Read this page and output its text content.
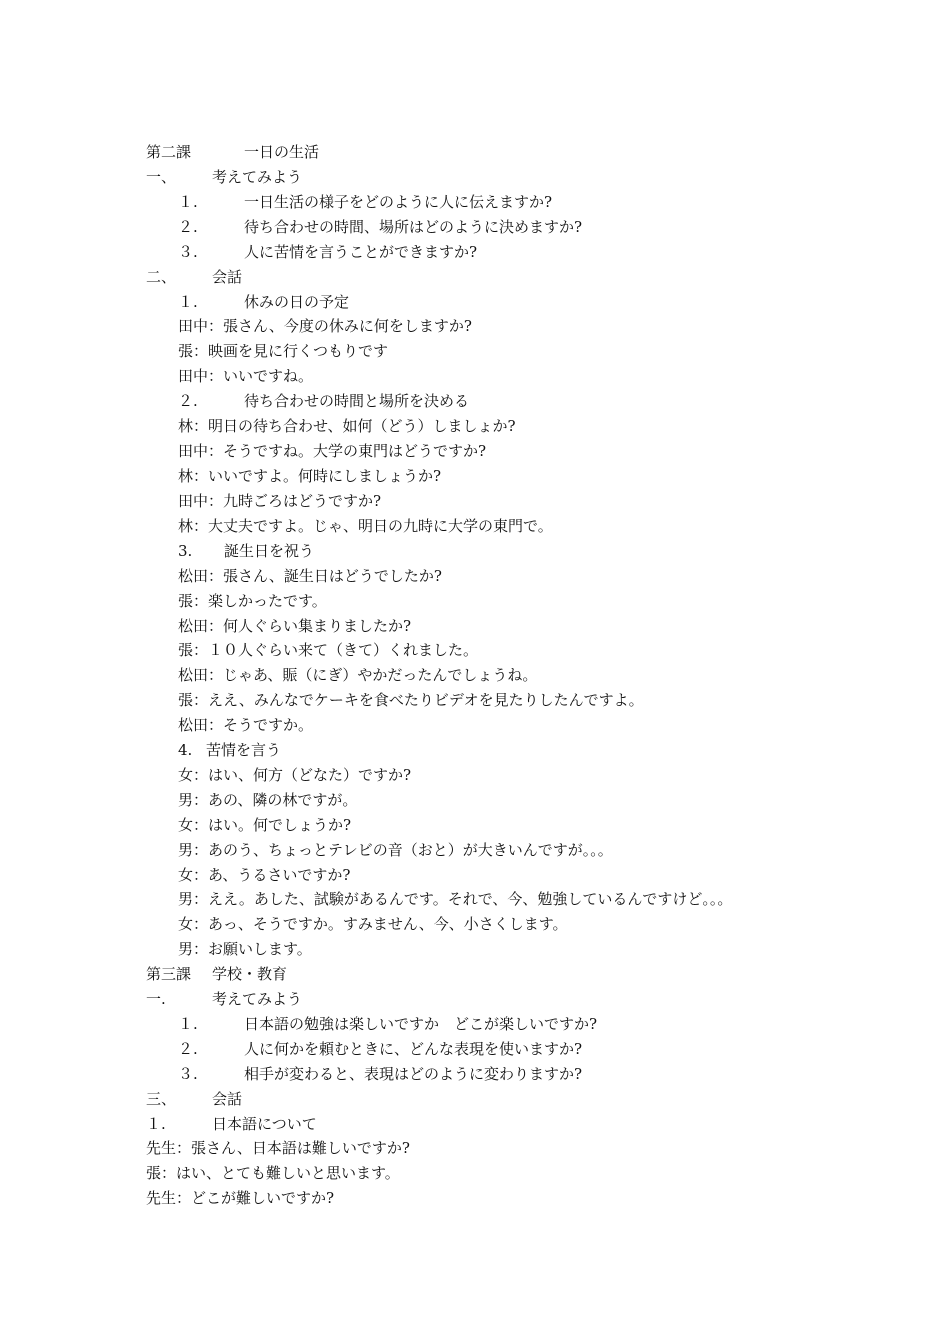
第二課	一日の生活
一、 考えてみよう
１.	一日生活の様子をどのように人に伝えますか?
２.	待ち合わせの時間、場所はどのように決めますか?
３.	人に苦情を言うことができますか?
二、 会話
１.	休みの日の予定
田中：張さん、今度の休みに何をしますか?
張：映画を見に行くつもりです
田中：いいですね。
２.	待ち合わせの時間と場所を決める
林：明日の待ち合わせ、如何（どう）しましょか?
田中：そうですね。大学の東門はどうですか?
林：いいですよ。何時にしましょうか?
田中：九時ごろはどうですか?
林：大丈夫ですよ。じゃ、明日の九時に大学の東門で。
3. 誕生日を祝う
松田：張さん、誕生日はどうでしたか?
張：楽しかったです。
松田：何人ぐらい集まりましたか?
張：１０人ぐらい来て（きて）くれました。
松田：じゃあ、賑（にぎ）やかだったんでしょうね。
張：ええ、みんなでケーキを食べたりビデオを見たりしたんですよ。
松田：そうですか。
4. 苦情を言う
女：はい、何方（どなた）ですか?
男：あの、隣の林ですが。
女：はい。何でしょうか?
男：あのう、ちょっとテレビの音（おと）が大きいんですが。。。
女：あ、うるさいですか?
男：ええ。あした、試験があるんです。それで、今、勉強しているんですけど。。。
女：あっ、そうですか。すみません、今、小さくします。
男：お願いします。
第三課 学校・教育
一.	考えてみよう
１.	日本語の勉強は楽しいですか　どこが楽しいですか?
２.	人に何かを頼むときに、どんな表現を使いますか?
３.	相手が変わると、表現はどのように変わりますか?
三、 会話
１.	日本語について
先生：張さん、日本語は難しいですか?
張：はい、とても難しいと思います。
先生：どこが難しいですか?
